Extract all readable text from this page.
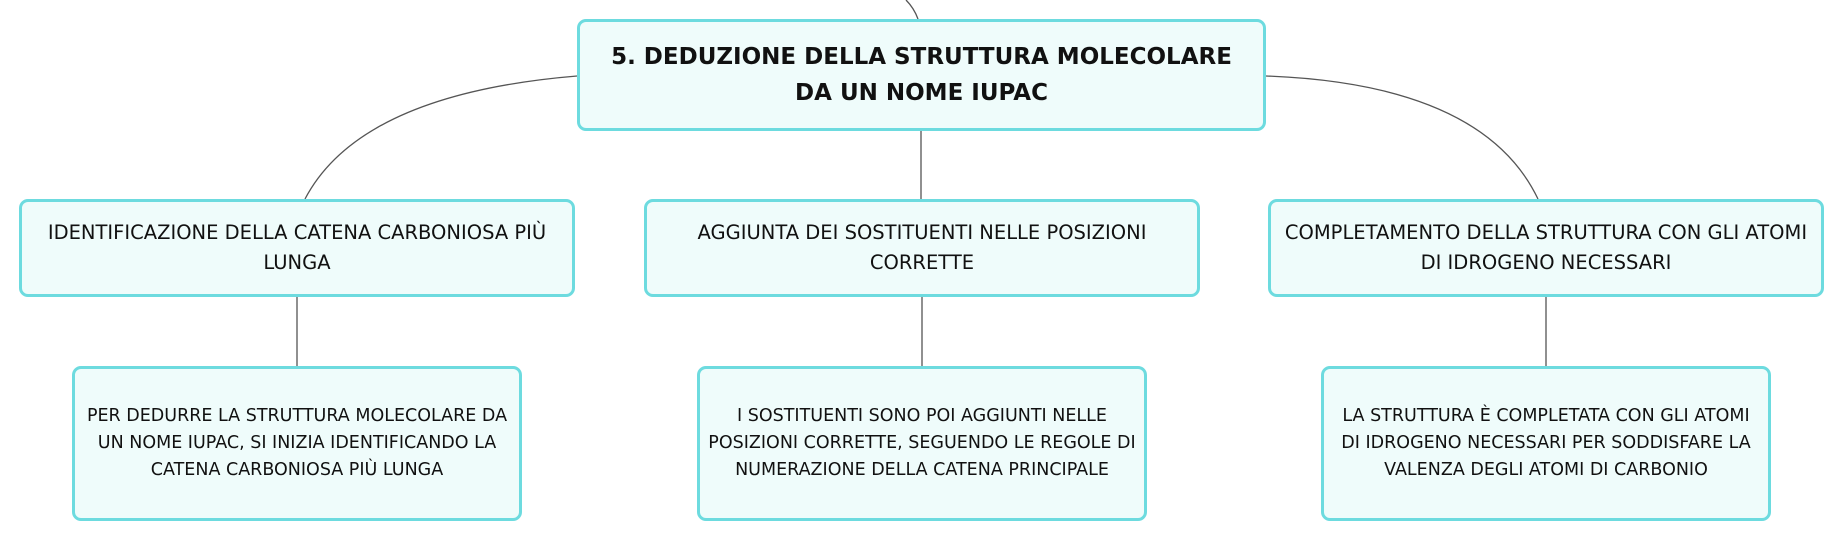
5. DEDUZIONE DELLA STRUTTURA MOLECOLARE DA UN NOME IUPAC
IDENTIFICAZIONE DELLA CATENA CARBONIOSA PIÙ LUNGA
AGGIUNTA DEI SOSTITUENTI NELLE POSIZIONI CORRETTE
COMPLETAMENTO DELLA STRUTTURA CON GLI ATOMI DI IDROGENO NECESSARI
PER DEDURRE LA STRUTTURA MOLECOLARE DA UN NOME IUPAC, SI INIZIA IDENTIFICANDO LA CATENA CARBONIOSA PIÙ LUNGA
I SOSTITUENTI SONO POI AGGIUNTI NELLE POSIZIONI CORRETTE, SEGUENDO LE REGOLE DI NUMERAZIONE DELLA CATENA PRINCIPALE
LA STRUTTURA È COMPLETATA CON GLI ATOMI DI IDROGENO NECESSARI PER SODDISFARE LA VALENZA DEGLI ATOMI DI CARBONIO
